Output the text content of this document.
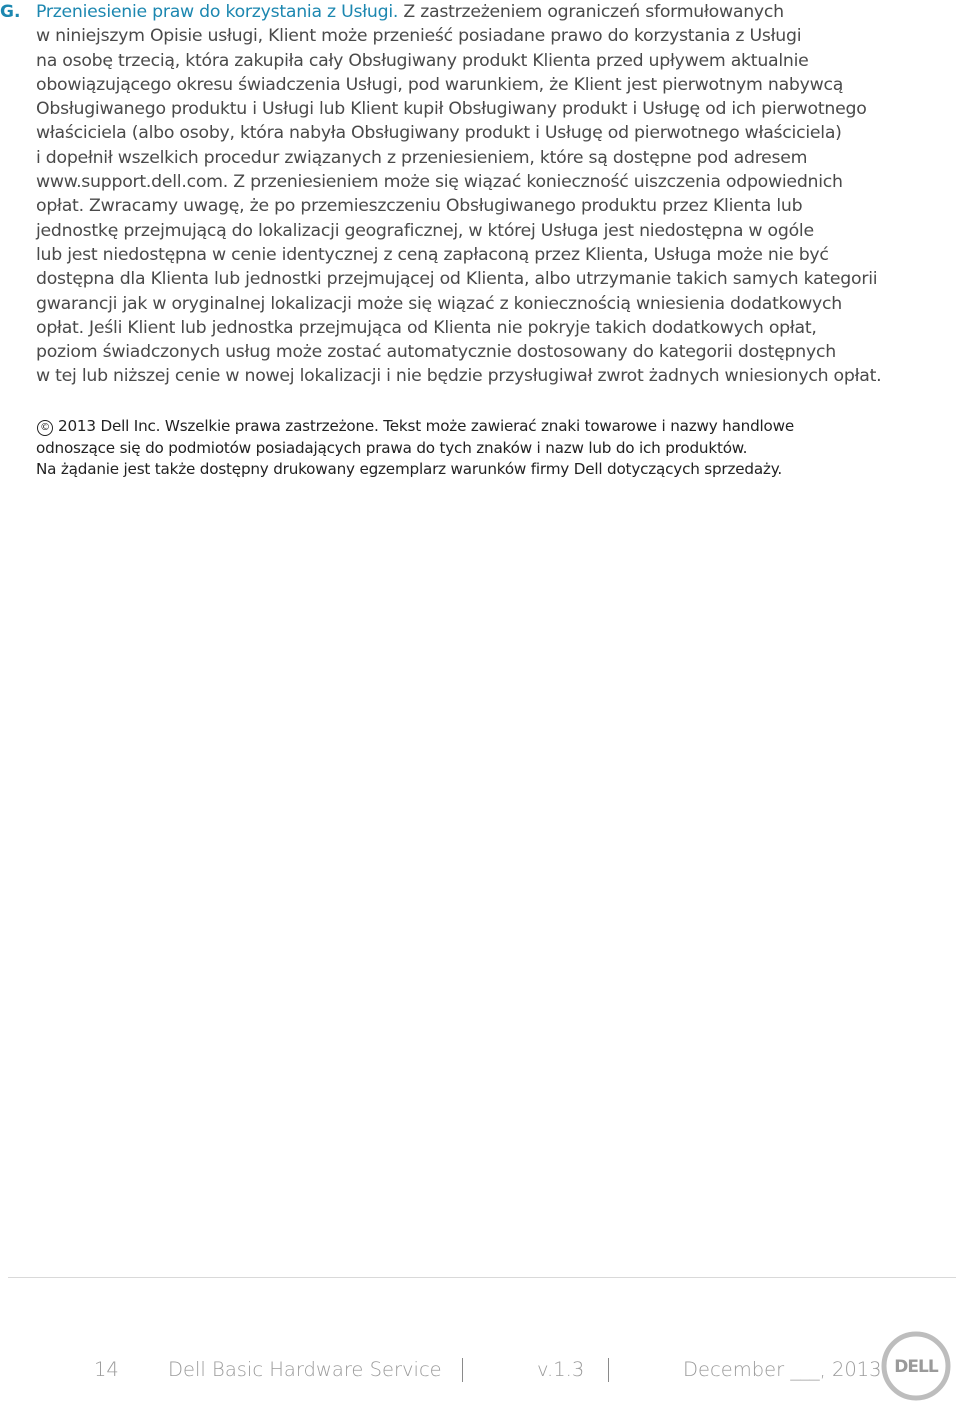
G. Przeniesienie praw do korzystania z Usługi. Z zastrzeżeniem ograniczeń sformułowanych
w niniejszym Opisie usługi, Klient może przenieść posiadane prawo do korzystania z Usługi
na osobę trzecią, która zakupiła cały Obsługiwany produkt Klienta przed upływem aktualnie
obowiązującego okresu świadczenia Usługi, pod warunkiem, że Klient jest pierwotnym nabywcą
Obsługiwanego produktu i Usługi lub Klient kupił Obsługiwany produkt i Usługę od ich pierwotnego
właściciela (albo osoby, która nabyła Obsługiwany produkt i Usługę od pierwotnego właściciela)
i dopełnił wszelkich procedur związanych z przeniesieniem, które są dostępne pod adresem
www.support.dell.com. Z przeniesieniem może się wiązać konieczność uiszczenia odpowiednich
opłat. Zwracamy uwagę, że po przemieszczeniu Obsługiwanego produktu przez Klienta lub
jednostkę przejmującą do lokalizacji geograficznej, w której Usługa jest niedostępna w ogóle
lub jest niedostępna w cenie identycznej z ceną zapłaconą przez Klienta, Usługa może nie być
dostępna dla Klienta lub jednostki przejmującej od Klienta, albo utrzymanie takich samych kategorii
gwarancji jak w oryginalnej lokalizacji może się wiązać z koniecznością wniesienia dodatkowych
opłat. Jeśli Klient lub jednostka przejmująca od Klienta nie pokryje takich dodatkowych opłat,
poziom świadczonych usług może zostać automatycznie dostosowany do kategorii dostępnych
w tej lub niższej cenie w nowej lokalizacji i nie będzie przysługiwał zwrot żadnych wniesionych opłat.
© 2013 Dell Inc. Wszelkie prawa zastrzeżone. Tekst może zawierać znaki towarowe i nazwy handlowe
odnoszące się do podmiotów posiadających prawa do tych znaków i nazw lub do ich produktów.
Na żądanie jest także dostępny drukowany egzemplarz warunków firmy Dell dotyczących sprzedaży.
14	Dell Basic Hardware Service	v.1.3	December ___, 2013 DELL
